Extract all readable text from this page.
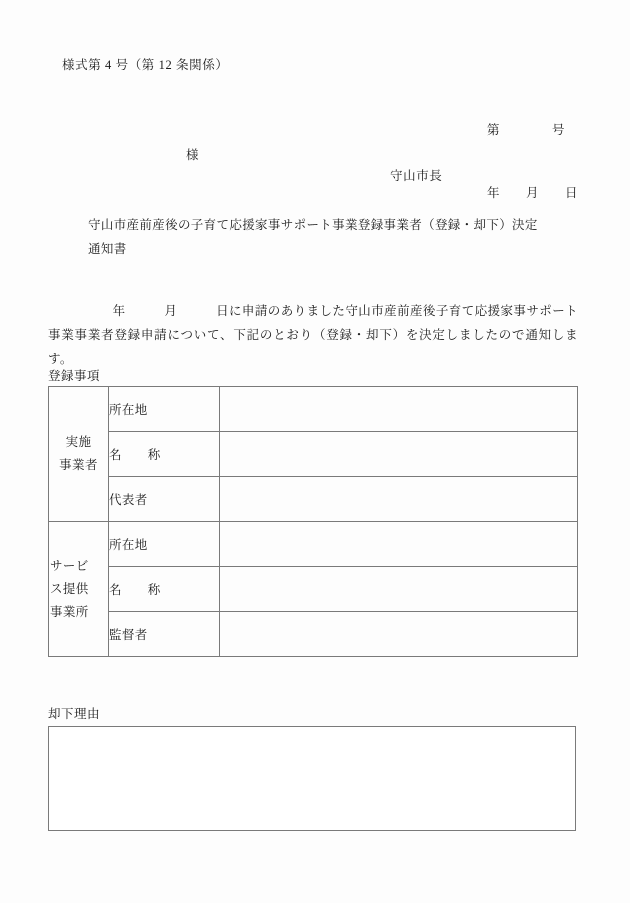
様式第 4 号（第 12 条関係）

第　　　　号

年　　月　　日

様
守山市長
守山市産前産後の子育て応援家事サポート事業登録事業者（登録・却下）決定
通知書
　　　　　年　　　月　　　日に申請のありました守山市産前産後子育て応援家事サポート事業事業者登録申請について、下記のとおり（登録・却下）を決定しましたので通知します。
登録事項
実施
事業者	所在地	
	名　　称	
	代表者	

サービ
ス提供
事業所	所在地	
	名　　称	
	監督者	
却下理由
